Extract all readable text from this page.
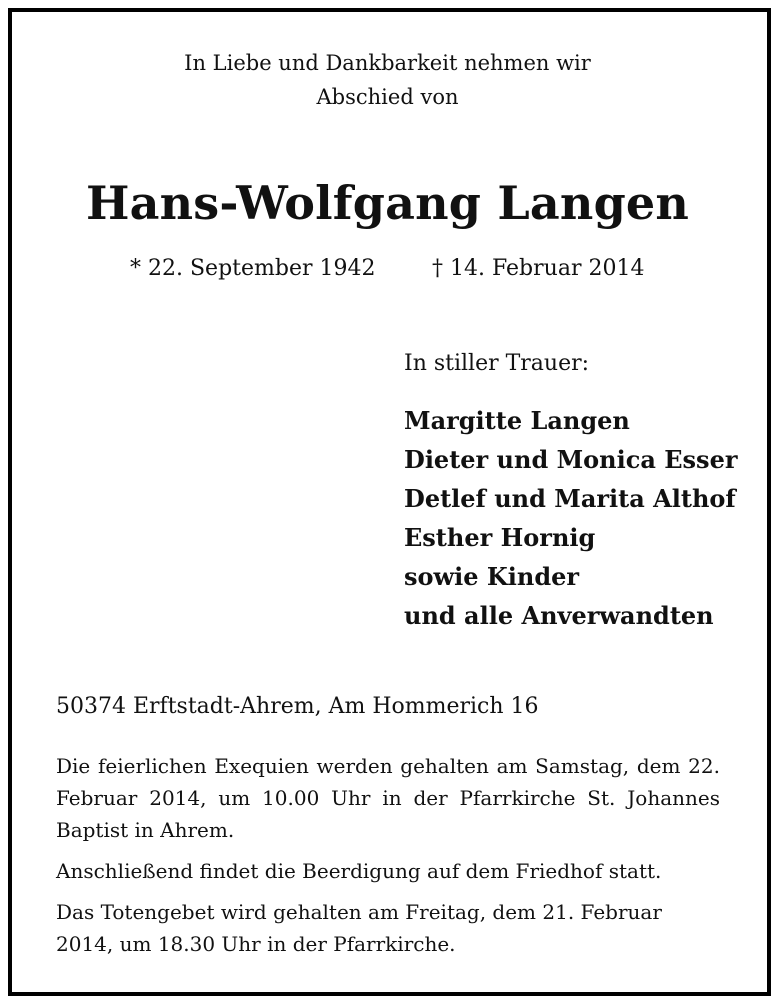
In Liebe und Dankbarkeit nehmen wir
Abschied von
Hans-Wolfgang Langen
* 22. September 1942	† 14. Februar 2014
In stiller Trauer:
Margitte Langen
Dieter und Monica Esser
Detlef und Marita Althof
Esther Hornig
sowie Kinder
und alle Anverwandten
50374 Erftstadt-Ahrem, Am Hommerich 16
Die feierlichen Exequien werden gehalten am Samstag, dem 22. Februar 2014, um 10.00 Uhr in der Pfarrkirche St. Johannes Baptist in Ahrem.
Anschließend findet die Beerdigung auf dem Friedhof statt.
Das Totengebet wird gehalten am Freitag, dem 21. Februar 2014, um 18.30 Uhr in der Pfarrkirche.
